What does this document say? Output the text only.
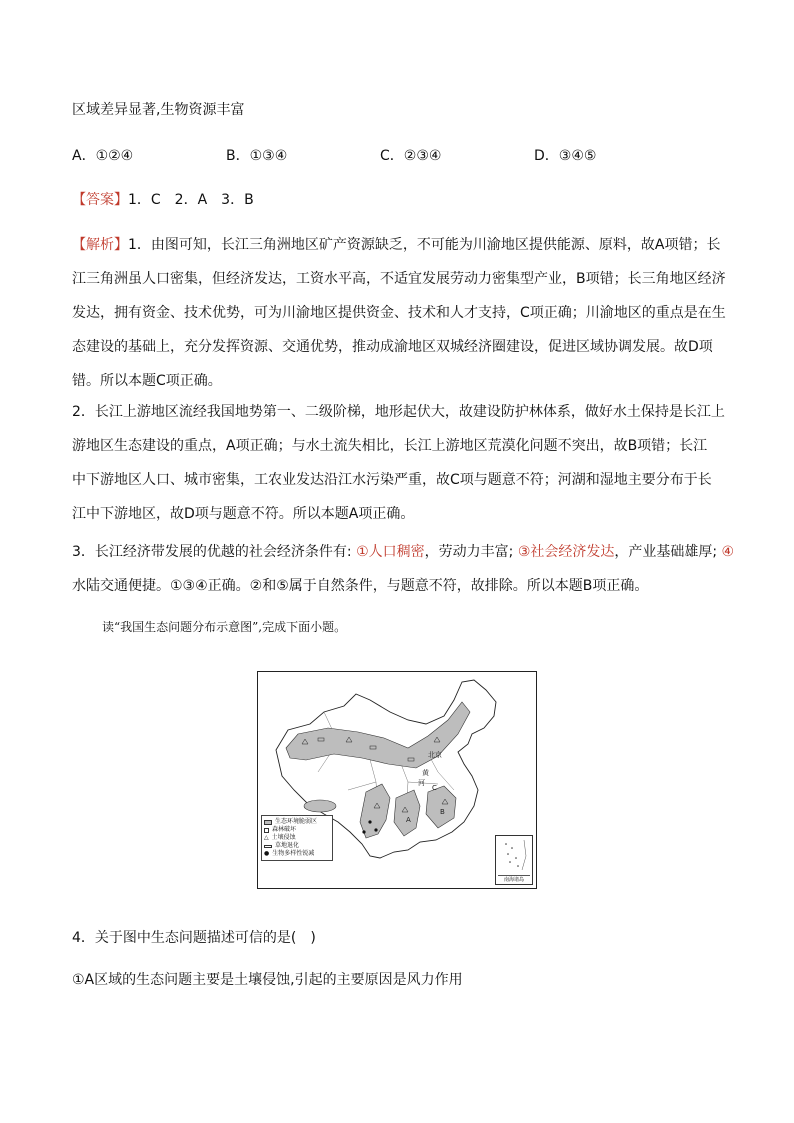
区域差异显著,生物资源丰富
A．①②④	B．①③④	C．②③④	D．③④⑤
【答案】1．C　2．A　3．B
【解析】1．由图可知，长江三角洲地区矿产资源缺乏，不可能为川渝地区提供能源、原料，故A项错；长
江三角洲虽人口密集，但经济发达，工资水平高，不适宜发展劳动力密集型产业，B项错；长三角地区经济
发达，拥有资金、技术优势，可为川渝地区提供资金、技术和人才支持，C项正确；川渝地区的重点是在生
态建设的基础上，充分发挥资源、交通优势，推动成渝地区双城经济圈建设，促进区域协调发展。故D项
错。所以本题C项正确。
2．长江上游地区流经我国地势第一、二级阶梯，地形起伏大，故建设防护林体系，做好水土保持是长江上
游地区生态建设的重点，A项正确；与水土流失相比，长江上游地区荒漠化问题不突出，故B项错；长江
中下游地区人口、城市密集，工农业发达沿江水污染严重，故C项与题意不符；河湖和湿地主要分布于长
江中下游地区，故D项与题意不符。所以本题A项正确。
3．长江经济带发展的优越的社会经济条件有: ①人口稠密，劳动力丰富; ③社会经济发达，产业基础雄厚; ④
水陆交通便捷。①③④正确。②和⑤属于自然条件，与题意不符，故排除。所以本题B项正确。
读“我国生态问题分布示意图”,完成下面小题。
北京
黄
河
A
B
C
生态环境脆弱区
森林破坏
△ 土壤侵蚀
草地退化
● 生物多样性锐减
南海诸岛
4．关于图中生态问题描述可信的是(　)
①A区域的生态问题主要是土壤侵蚀,引起的主要原因是风力作用
